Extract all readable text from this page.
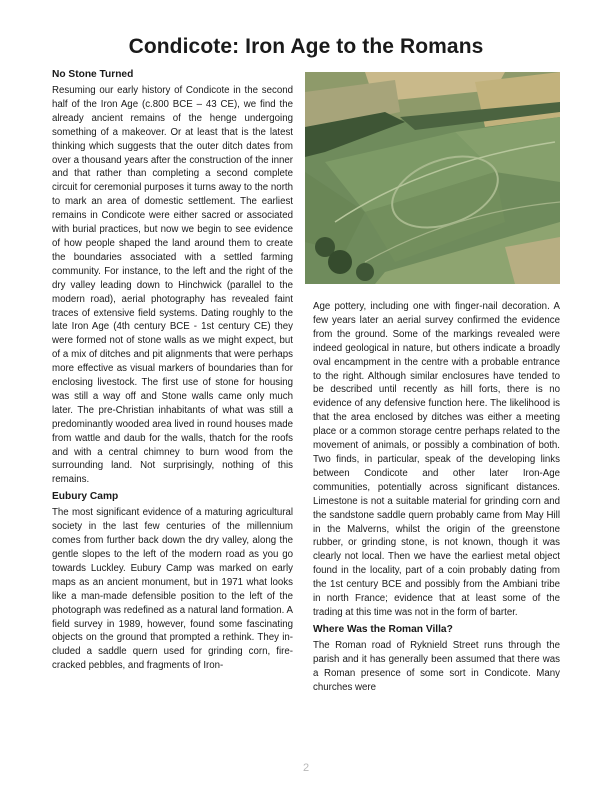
Condicote: Iron Age to the Romans
No Stone Turned

Resuming our early history of Condicote in the second half of the Iron Age (c.800 BCE – 43 CE), we find the already ancient remains of the henge undergoing something of a makeover. Or at least that is the latest thinking which suggests that the outer ditch dates from over a thousand years after the construction of the inner and that rather than completing a second complete circuit for ceremonial purposes it turns away to the north to mark an area of domestic settlement. The earliest remains in Condicote were either sacred or associated with burial practices, but now we begin to see evidence of how people shaped the land around them to create the boundaries associated with a settled farming community. For instance, to the left and the right of the dry valley leading down to Hinchwick (parallel to the modern road), aerial photography has revealed faint traces of extensive field systems. Dating roughly to the late Iron Age (4th century BCE - 1st century CE) they were formed not of stone walls as we might expect, but of a mix of ditches and pit alignments that were perhaps more effective as visual markers of boundaries than for enclosing livestock. The first use of stone for housing was still a way off and Stone walls came only much later. The pre-Christian inhabitants of what was still a predominantly wooded area lived in round houses made from wattle and daub for the walls, thatch for the roofs and with a central chimney to burn wood from the surrounding land. Not surprisingly, nothing of this remains.

Eubury Camp

The most significant evidence of a maturing agricultural society in the last few centuries of the millennium comes from further back down the dry valley, along the gentle slopes to the left of the modern road as you go towards Luckley. Eubury Camp was marked on early maps as an ancient monument, but in 1971 what looks like a man-made defensible position to the left of the photograph was redefined as a natural land formation. A field survey in 1989, however, found some fascinating objects on the ground that prompted a rethink. They included a saddle quern used for grinding corn, fire-cracked pebbles, and fragments of Iron-

Age pottery, including one with finger-nail decoration. A few years later an aerial survey confirmed the evidence from the ground. Some of the markings revealed were indeed geological in nature, but others indicate a broadly oval encampment in the centre with a probable entrance to the right. Although similar enclosures have tended to be described until recently as hill forts, there is no evidence of any defensive function here. The likelihood is that the area enclosed by ditches was either a meeting place or a common storage centre perhaps related to the movement of animals, or possibly a combination of both. Two finds, in particular, speak of the developing links between Condicote and other later Iron-Age communities, potentially across significant distances. Limestone is not a suitable material for grinding corn and the sandstone saddle quern probably came from May Hill in the Malverns, whilst the origin of the greenstone rubber, or grinding stone, is not known, though it was clearly not local. Then we have the earliest metal object found in the locality, part of a coin probably dating from the 1st century BCE and possibly from the Ambiani tribe in north France; evidence that at least some of the trading at this time was not in the form of barter.

Where Was the Roman Villa?

The Roman road of Ryknield Street runs through the parish and it has generally been assumed that there was a Roman presence of some sort in Condicote. Many churches were

2
